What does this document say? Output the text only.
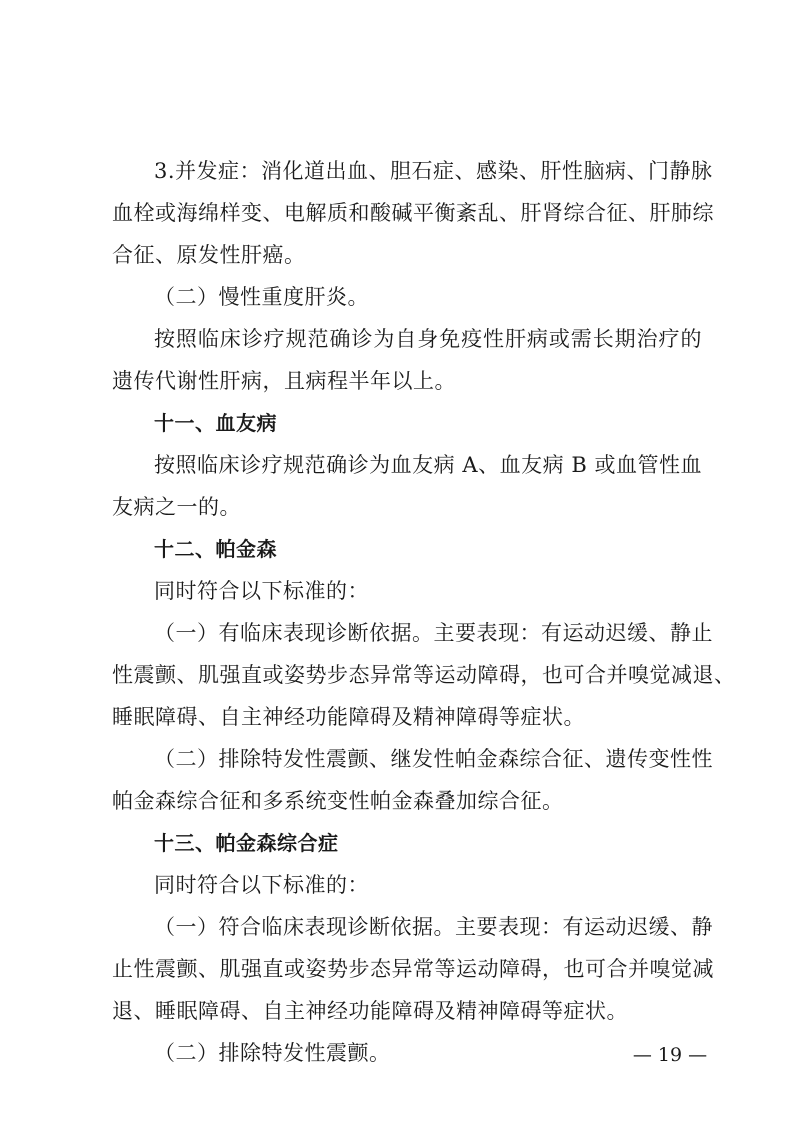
3.并发症：消化道出血、胆石症、感染、肝性脑病、门静脉
血栓或海绵样变、电解质和酸碱平衡紊乱、肝肾综合征、肝肺综
合征、原发性肝癌。
（二）慢性重度肝炎。
按照临床诊疗规范确诊为自身免疫性肝病或需长期治疗的
遗传代谢性肝病，且病程半年以上。
十一、血友病
按照临床诊疗规范确诊为血友病 A、血友病 B 或血管性血
友病之一的。
十二、帕金森
同时符合以下标准的：
（一）有临床表现诊断依据。主要表现：有运动迟缓、静止
性震颤、肌强直或姿势步态异常等运动障碍，也可合并嗅觉减退、
睡眠障碍、自主神经功能障碍及精神障碍等症状。
（二）排除特发性震颤、继发性帕金森综合征、遗传变性性
帕金森综合征和多系统变性帕金森叠加综合征。
十三、帕金森综合症
同时符合以下标准的：
（一）符合临床表现诊断依据。主要表现：有运动迟缓、静
止性震颤、肌强直或姿势步态异常等运动障碍，也可合并嗅觉减
退、睡眠障碍、自主神经功能障碍及精神障碍等症状。
（二）排除特发性震颤。	— 19 —
